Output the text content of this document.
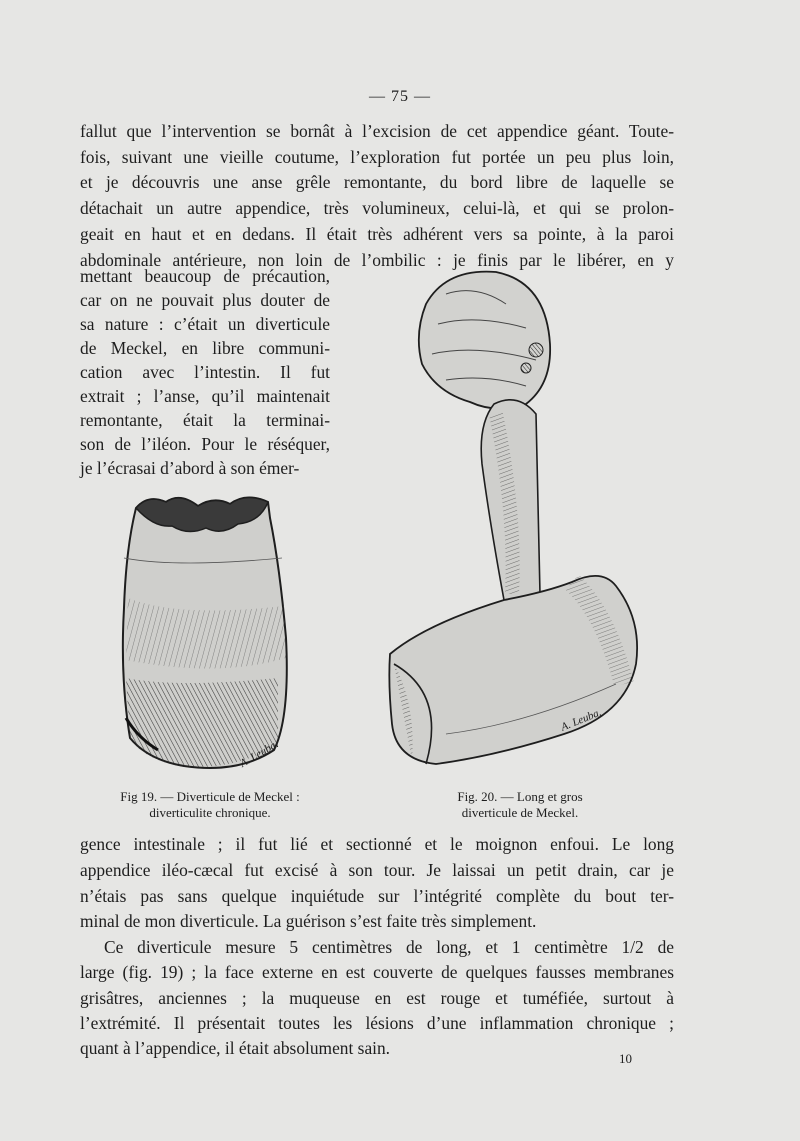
— 75 —
fallut que l’intervention se bornât à l’excision de cet appendice géant. Toute-
fois, suivant une vieille coutume, l’exploration fut portée un peu plus loin,
et je découvris une anse grêle remontante, du bord libre de laquelle se
détachait un autre appendice, très volumineux, celui-là, et qui se prolon-
geait en haut et en dedans. Il était très adhérent vers sa pointe, à la paroi
abdominale antérieure, non loin de l’ombilic : je finis par le libérer, en y
mettant beaucoup de précaution,
car on ne pouvait plus douter de
sa nature : c’était un diverticule
de Meckel, en libre communi-
cation avec l’intestin. Il fut
extrait ; l’anse, qu’il maintenait
remontante, était la terminai-
son de l’iléon. Pour le réséquer,
je l’écrasai d’abord à son émer-
A. Leuba.
A. Leuba.
Fig 19. — Diverticule de Meckel :
diverticulite chronique.
Fig. 20. — Long et gros
diverticule de Meckel.
gence intestinale ; il fut lié et sectionné et le moignon enfoui. Le long
appendice iléo-cæcal fut excisé à son tour. Je laissai un petit drain, car je
n’étais pas sans quelque inquiétude sur l’intégrité complète du bout ter-
minal de mon diverticule. La guérison s’est faite très simplement.
Ce diverticule mesure 5 centimètres de long, et 1 centimètre 1/2 de
large (fig. 19) ; la face externe en est couverte de quelques fausses membranes
grisâtres, anciennes ; la muqueuse en est rouge et tuméfiée, surtout à
l’extrémité. Il présentait toutes les lésions d’une inflammation chronique ;
quant à l’appendice, il était absolument sain.
10
